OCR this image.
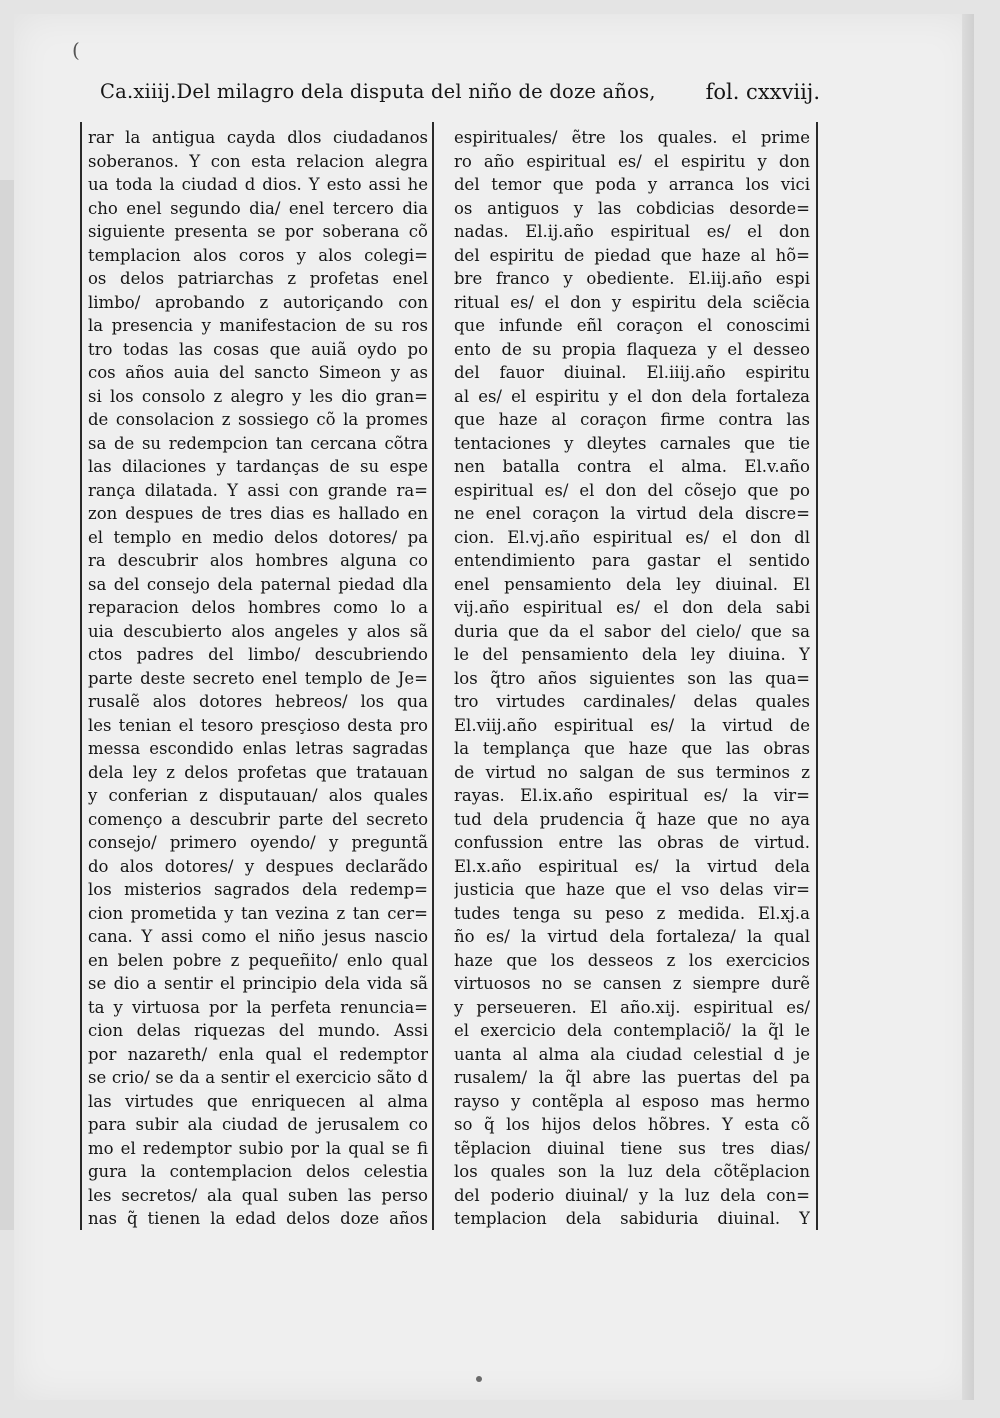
(
Ca.xiiij.Del milagro dela disputa del niño de doze años, fol. cxxviij.
rar la antigua cayda dlos ciudadanos
soberanos. Y con esta relacion alegra
ua toda la ciudad d dios. Y esto assi he
cho enel segundo dia/ enel tercero dia
siguiente presenta se por soberana cõ
templacion alos coros y alos colegi=
os delos patriarchas z profetas enel
limbo/ aprobando z autoriçando con
la presencia y manifestacion de su ros
tro todas las cosas que auiã oydo po
cos años auia del sancto Simeon y as
si los consolo z alegro y les dio gran=
de consolacion z sossiego cõ la promes
sa de su redempcion tan cercana cõtra
las dilaciones y tardanças de su espe
rança dilatada. Y assi con grande ra=
zon despues de tres dias es hallado en
el templo en medio delos dotores/ pa
ra descubrir alos hombres alguna co
sa del consejo dela paternal piedad dla
reparacion delos hombres como lo a
uia descubierto alos angeles y alos sã
ctos padres del limbo/ descubriendo
parte deste secreto enel templo de Je=
rusalẽ alos dotores hebreos/ los qua
les tenian el tesoro presçioso desta pro
messa escondido enlas letras sagradas
dela ley z delos profetas que tratauan
y conferian z disputauan/ alos quales
començo a descubrir parte del secreto
consejo/ primero oyendo/ y preguntã
do alos dotores/ y despues declarãdo
los misterios sagrados dela redemp=
cion prometida y tan vezina z tan cer=
cana. Y assi como el niño jesus nascio
en belen pobre z pequeñito/ enlo qual
se dio a sentir el principio dela vida sã
ta y virtuosa por la perfeta renuncia=
cion delas riquezas del mundo. Assi
por nazareth/ enla qual el redemptor
se crio/ se da a sentir el exercicio sãto d
las virtudes que enriquecen al alma
para subir ala ciudad de jerusalem co
mo el redemptor subio por la qual se fi
gura la contemplacion delos celestia
les secretos/ ala qual suben las perso
nas q̃ tienen la edad delos doze años
espirituales/ ẽtre los quales. el prime
ro año espiritual es/ el espiritu y don
del temor que poda y arranca los vici
os antiguos y las cobdicias desorde=
nadas. El.ij.año espiritual es/ el don
del espiritu de piedad que haze al hõ=
bre franco y obediente. El.iij.año espi
ritual es/ el don y espiritu dela sciẽcia
que infunde eñl coraçon el conoscimi
ento de su propia flaqueza y el desseo
del fauor diuinal. El.iiij.año espiritu
al es/ el espiritu y el don dela fortaleza
que haze al coraçon firme contra las
tentaciones y dleytes carnales que tie
nen batalla contra el alma. El.v.año
espiritual es/ el don del cõsejo que po
ne enel coraçon la virtud dela discre=
cion. El.vj.año espiritual es/ el don dl
entendimiento para gastar el sentido
enel pensamiento dela ley diuinal. El
vij.año espiritual es/ el don dela sabi
duria que da el sabor del cielo/ que sa
le del pensamiento dela ley diuina. Y
los q̃tro años siguientes son las qua=
tro virtudes cardinales/ delas quales
El.viij.año espiritual es/ la virtud de
la templança que haze que las obras
de virtud no salgan de sus terminos z
rayas. El.ix.año espiritual es/ la vir=
tud dela prudencia q̃ haze que no aya
confussion entre las obras de virtud.
El.x.año espiritual es/ la virtud dela
justicia que haze que el vso delas vir=
tudes tenga su peso z medida. El.xj.a
ño es/ la virtud dela fortaleza/ la qual
haze que los desseos z los exercicios
virtuosos no se cansen z siempre durẽ
y perseueren. El año.xij. espiritual es/
el exercicio dela contemplaciõ/ la q̃l le
uanta al alma ala ciudad celestial d je
rusalem/ la q̃l abre las puertas del pa
rayso y contẽpla al esposo mas hermo
so q̃ los hijos delos hõbres. Y esta cõ
tẽplacion diuinal tiene sus tres dias/
los quales son la luz dela cõtẽplacion
del poderio diuinal/ y la luz dela con=
templacion dela sabiduria diuinal. Y
